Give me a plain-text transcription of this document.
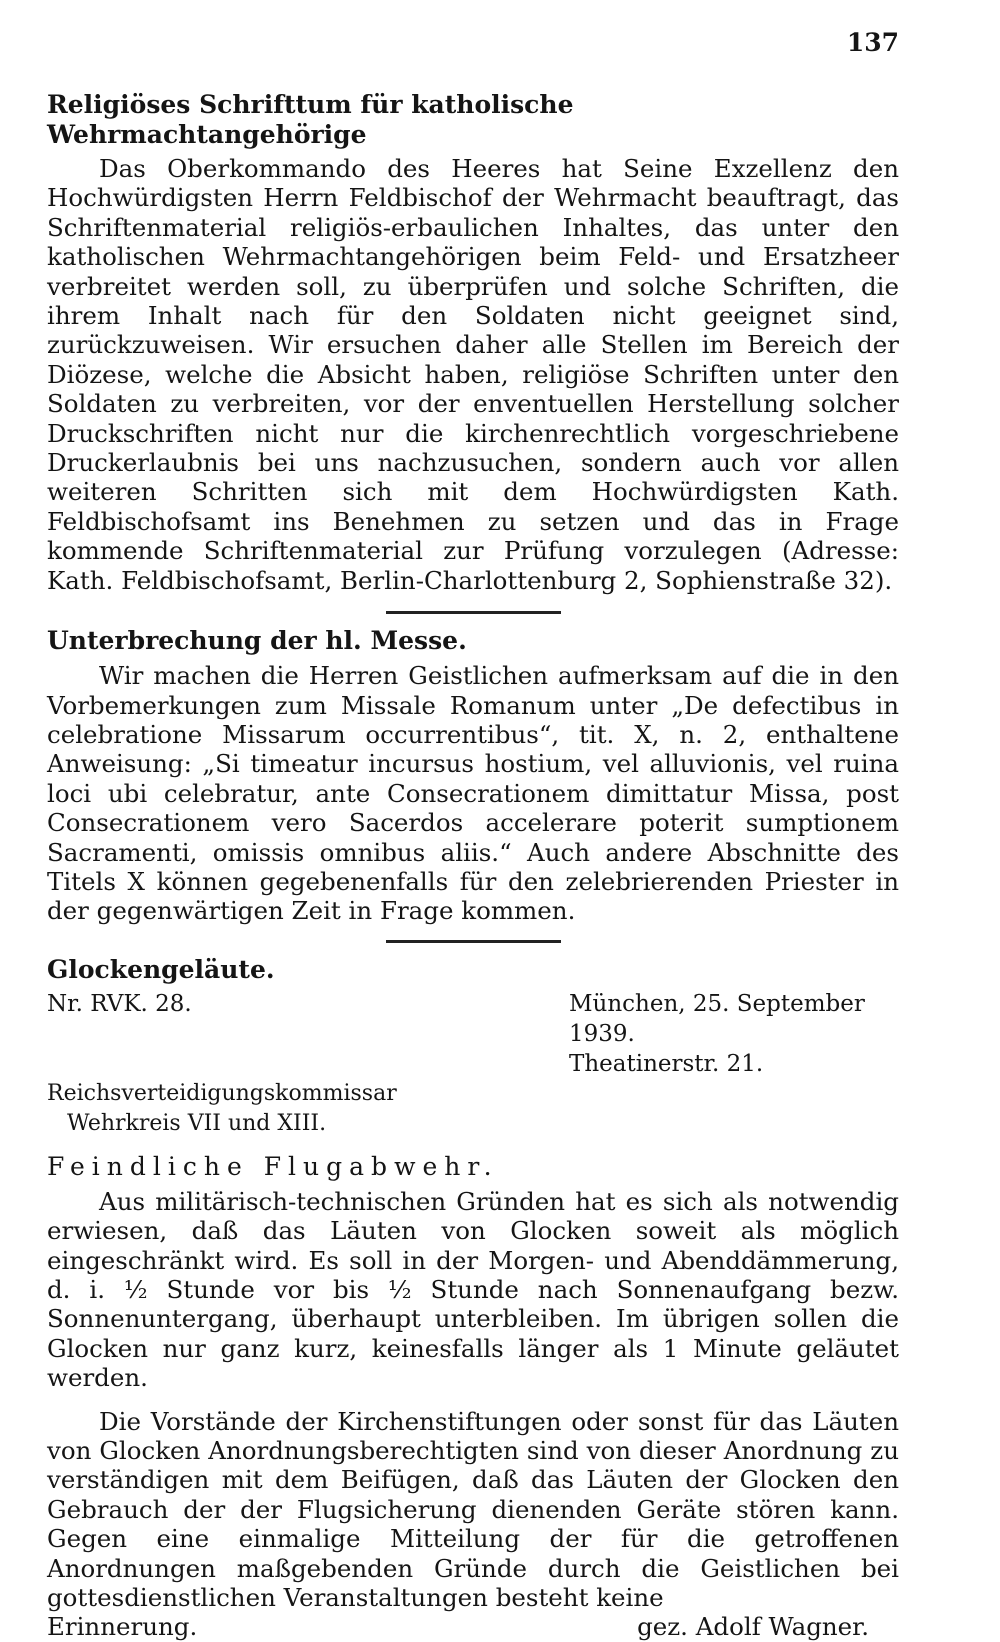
137
Religiöses Schrifttum für katholische Wehrmachtangehörige

Das Oberkommando des Heeres hat Seine Exzellenz den Hochwürdigsten Herrn Feldbischof der Wehrmacht beauftragt, das Schriftenmaterial religiös-erbaulichen Inhaltes, das unter den katholischen Wehrmachtangehörigen beim Feld- und Ersatzheer verbreitet werden soll, zu überprüfen und solche Schriften, die ihrem Inhalt nach für den Soldaten nicht geeignet sind, zurückzuweisen. Wir ersuchen daher alle Stellen im Bereich der Diözese, welche die Absicht haben, religiöse Schriften unter den Soldaten zu verbreiten, vor der enventuellen Herstellung solcher Druckschriften nicht nur die kirchenrechtlich vorgeschriebene Druckerlaubnis bei uns nachzusuchen, sondern auch vor allen weiteren Schritten sich mit dem Hochwürdigsten Kath. Feldbischofsamt ins Benehmen zu setzen und das in Frage kommende Schriftenmaterial zur Prüfung vorzulegen (Adresse: Kath. Feldbischofsamt, Berlin-Charlottenburg 2, Sophienstraße 32).

Unterbrechung der hl. Messe.

Wir machen die Herren Geistlichen aufmerksam auf die in den Vorbemerkungen zum Missale Romanum unter „De defectibus in celebratione Missarum occurrentibus“, tit. X, n. 2, enthaltene Anweisung: „Si timeatur incursus hostium, vel alluvionis, vel ruina loci ubi celebratur, ante Consecrationem dimittatur Missa, post Consecrationem vero Sacerdos accelerare poterit sumptionem Sacramenti, omissis omnibus aliis.“ Auch andere Abschnitte des Titels X können gegebenenfalls für den zelebrierenden Priester in der gegenwärtigen Zeit in Frage kommen.

Glockengeläute.
Nr. RVK. 28.	München, 25. September 1939.
Theatinerstr. 21.
Reichsverteidigungskommissar
Wehrkreis VII und XIII.
Feindliche Flugabwehr.

Aus militärisch-technischen Gründen hat es sich als notwendig erwiesen, daß das Läuten von Glocken soweit als möglich eingeschränkt wird. Es soll in der Morgen- und Abenddämmerung, d. i. ½ Stunde vor bis ½ Stunde nach Sonnenaufgang bezw. Sonnenuntergang, überhaupt unterbleiben. Im übrigen sollen die Glocken nur ganz kurz, keinesfalls länger als 1 Minute geläutet werden.

Die Vorstände der Kirchenstiftungen oder sonst für das Läuten von Glocken Anordnungsberechtigten sind von dieser Anordnung zu verständigen mit dem Beifügen, daß das Läuten der Glocken den Gebrauch der der Flugsicherung dienenden Geräte stören kann. Gegen eine einmalige Mitteilung der für die getroffenen Anordnungen maßgebenden Gründe durch die Geistlichen bei gottesdienstlichen Veranstaltungen besteht keine

Erinnerung.	gez. Adolf Wagner.
